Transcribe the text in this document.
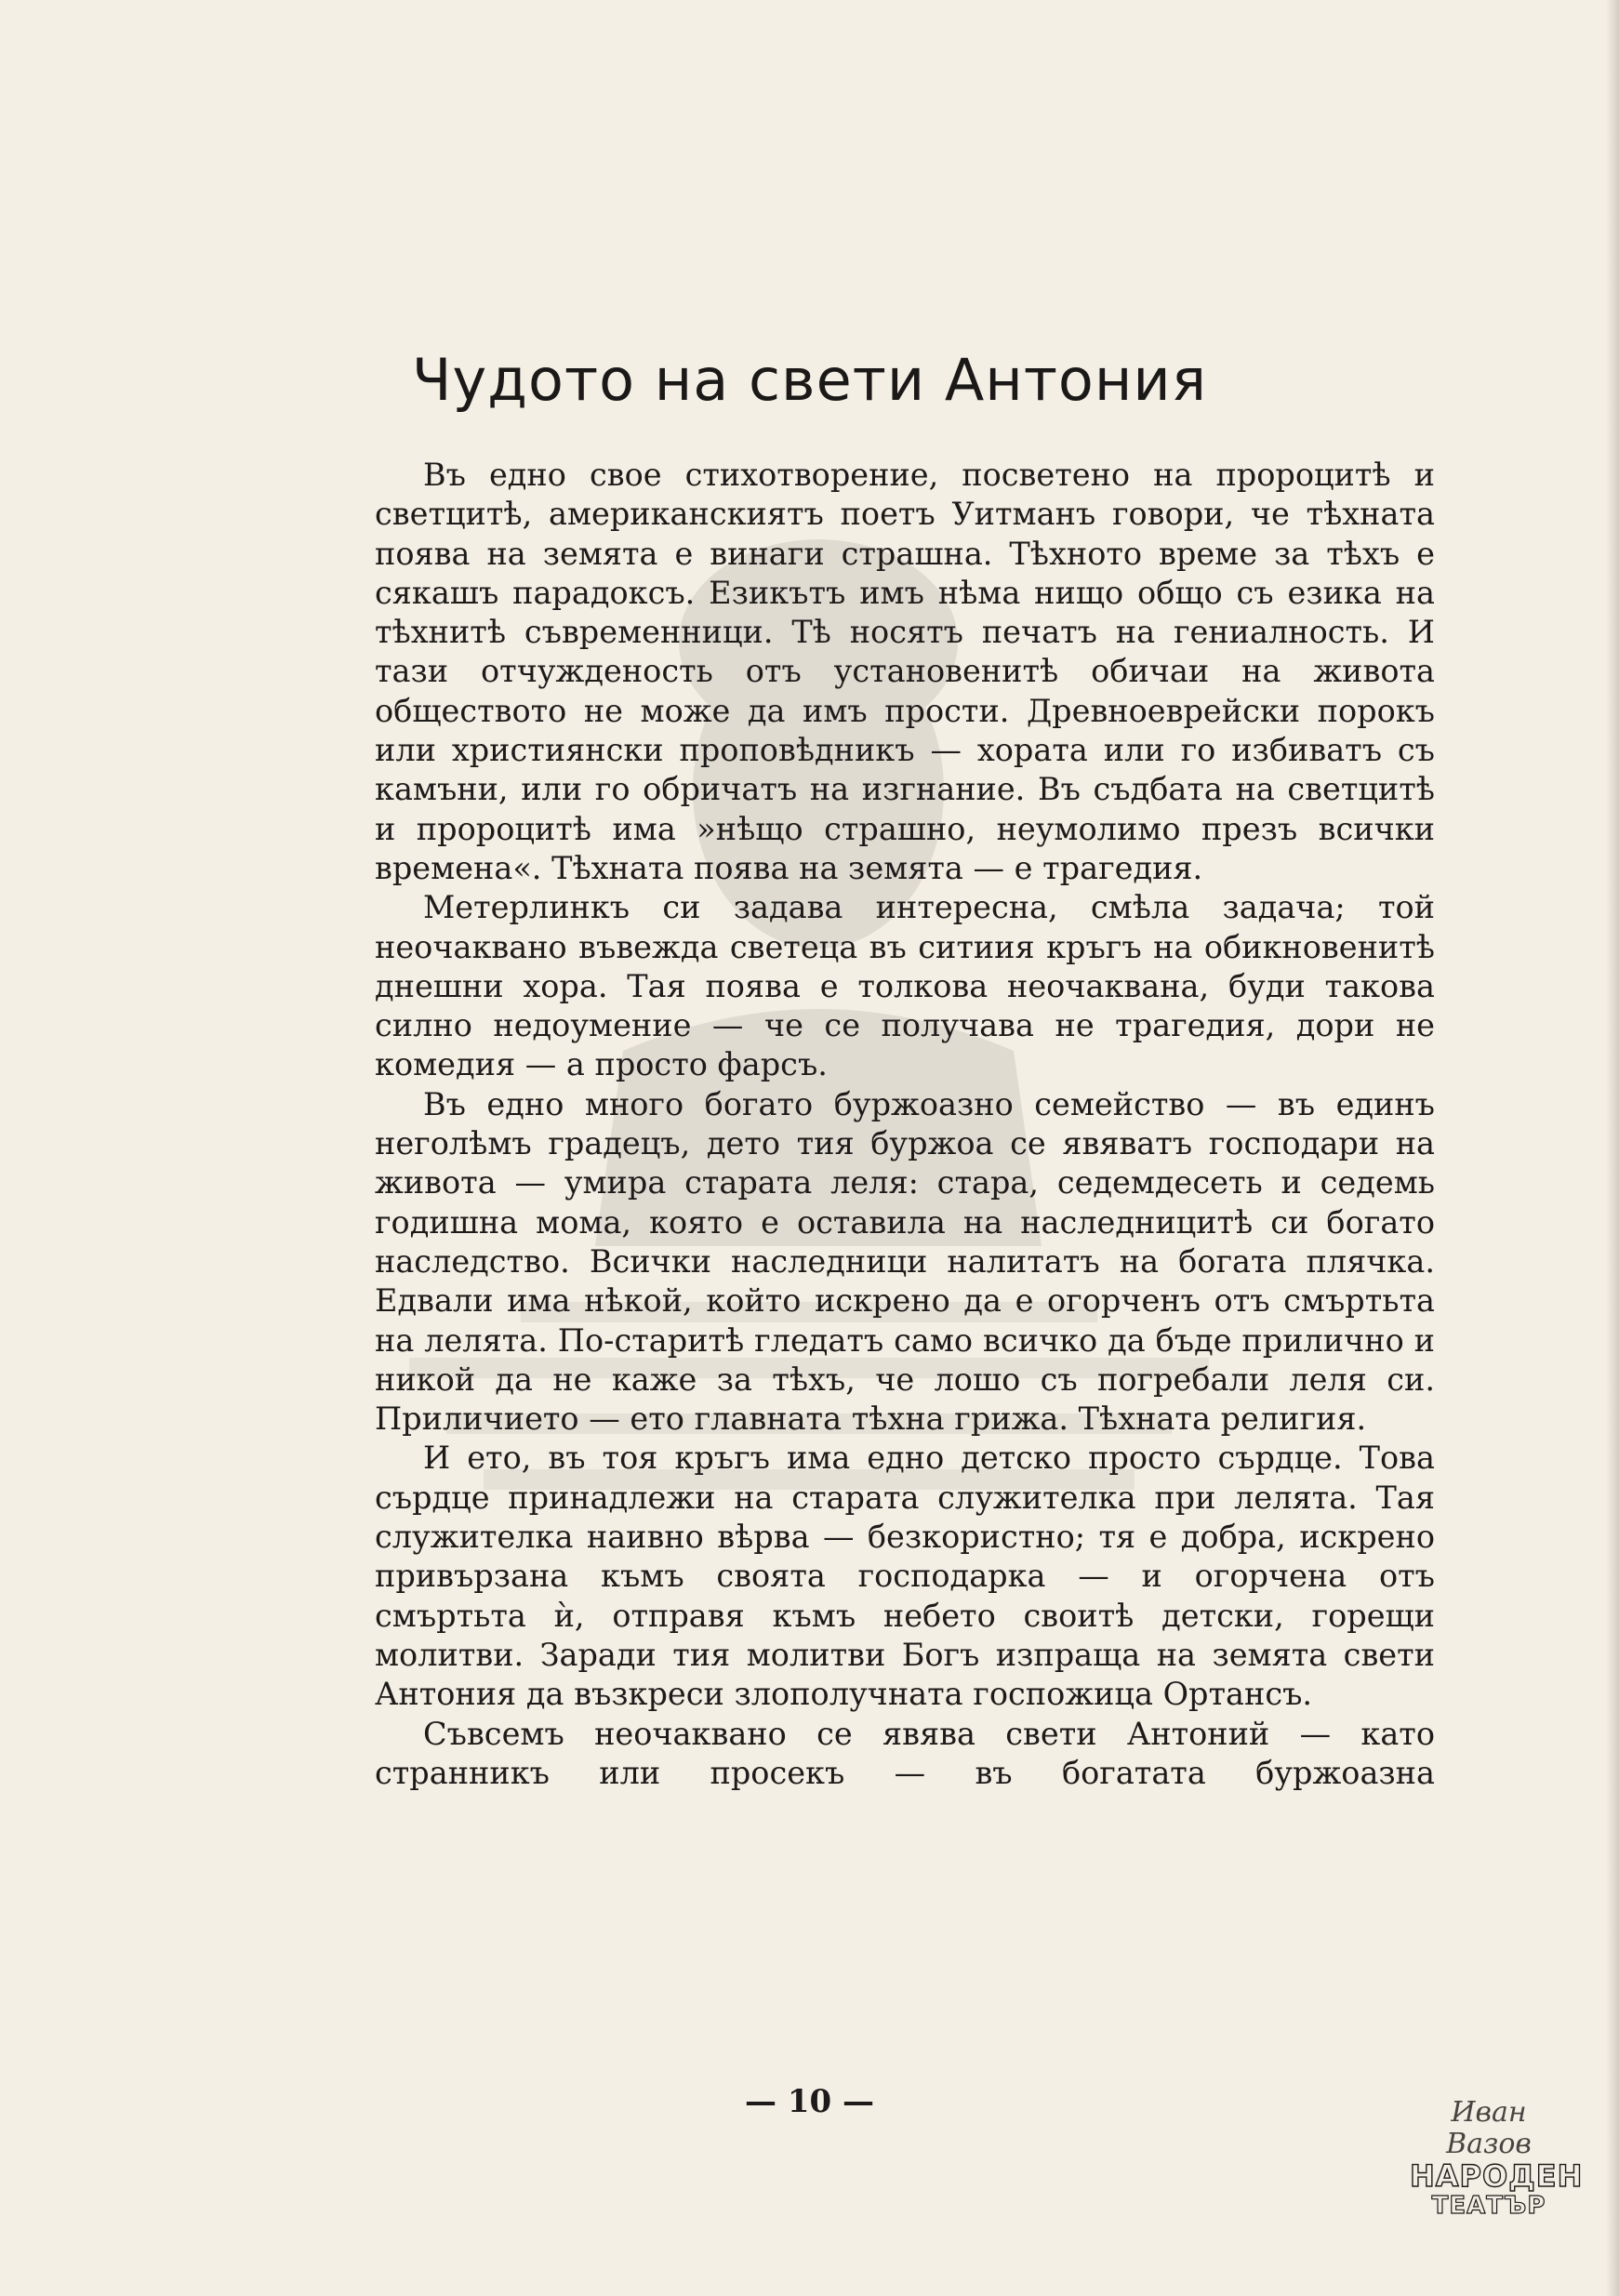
Чудото на свети Антония

Въ едно свое стихотворение, посветено на пророцитѣ и светцитѣ, американскиятъ поетъ Уитманъ говори, че тѣхната поява на земята е винаги страшна. Тѣхното време за тѣхъ е сякашъ парадоксъ. Езикътъ имъ нѣма нищо общо съ езика на тѣхнитѣ съвременници. Тѣ носятъ печатъ на гениалность. И тази отчужденость отъ установенитѣ обичаи на живота обществото не може да имъ прости. Древноеврейски порокъ или християнски проповѣдникъ — хората или го избиватъ съ камъни, или го обричатъ на изгнание. Въ съдбата на светцитѣ и пророцитѣ има »нѣщо страшно, неумолимо презъ всички времена«. Тѣхната поява на земята — е трагедия.

Метерлинкъ си задава интересна, смѣла задача; той неочаквано въвежда светеца въ ситиия кръгъ на обикновенитѣ днешни хора. Тая поява е толкова неочаквана, буди такова силно недоумение — че се получава не трагедия, дори не комедия — а просто фарсъ.

Въ едно много богато буржоазно семейство — въ единъ неголѣмъ градецъ, дето тия буржоа се явяватъ господари на живота — умира старата леля: стара, седемдесеть и седемь годишна мома, която е оставила на наследницитѣ си богато наследство. Всички наследници налитатъ на богата плячка. Едвали има нѣкой, който искрено да е огорченъ отъ смъртьта на лелята. По-старитѣ гледатъ само всичко да бъде прилично и никой да не каже за тѣхъ, че лошо съ погребали леля си. Приличието — ето главната тѣхна грижа. Тѣхната религия.

И ето, въ тоя кръгъ има едно детско просто сърдце. Това сърдце принадлежи на старата служителка при лелята. Тая служителка наивно вѣрва — безкористно; тя е добра, искрено привързана къмъ своята господарка — и огорчена отъ смъртьта ѝ, отправя къмъ небето своитѣ детски, горещи молитви. Заради тия молитви Богъ изпраща на земята свети Антония да възкреси злополучната госпожица Ортансъ.

Съвсемъ неочаквано се явява свети Антоний — като странникъ или просекъ — въ богатата буржоазна

— 10 —	Иван Вазов
НАРОДЕН
ТЕАТЪР
